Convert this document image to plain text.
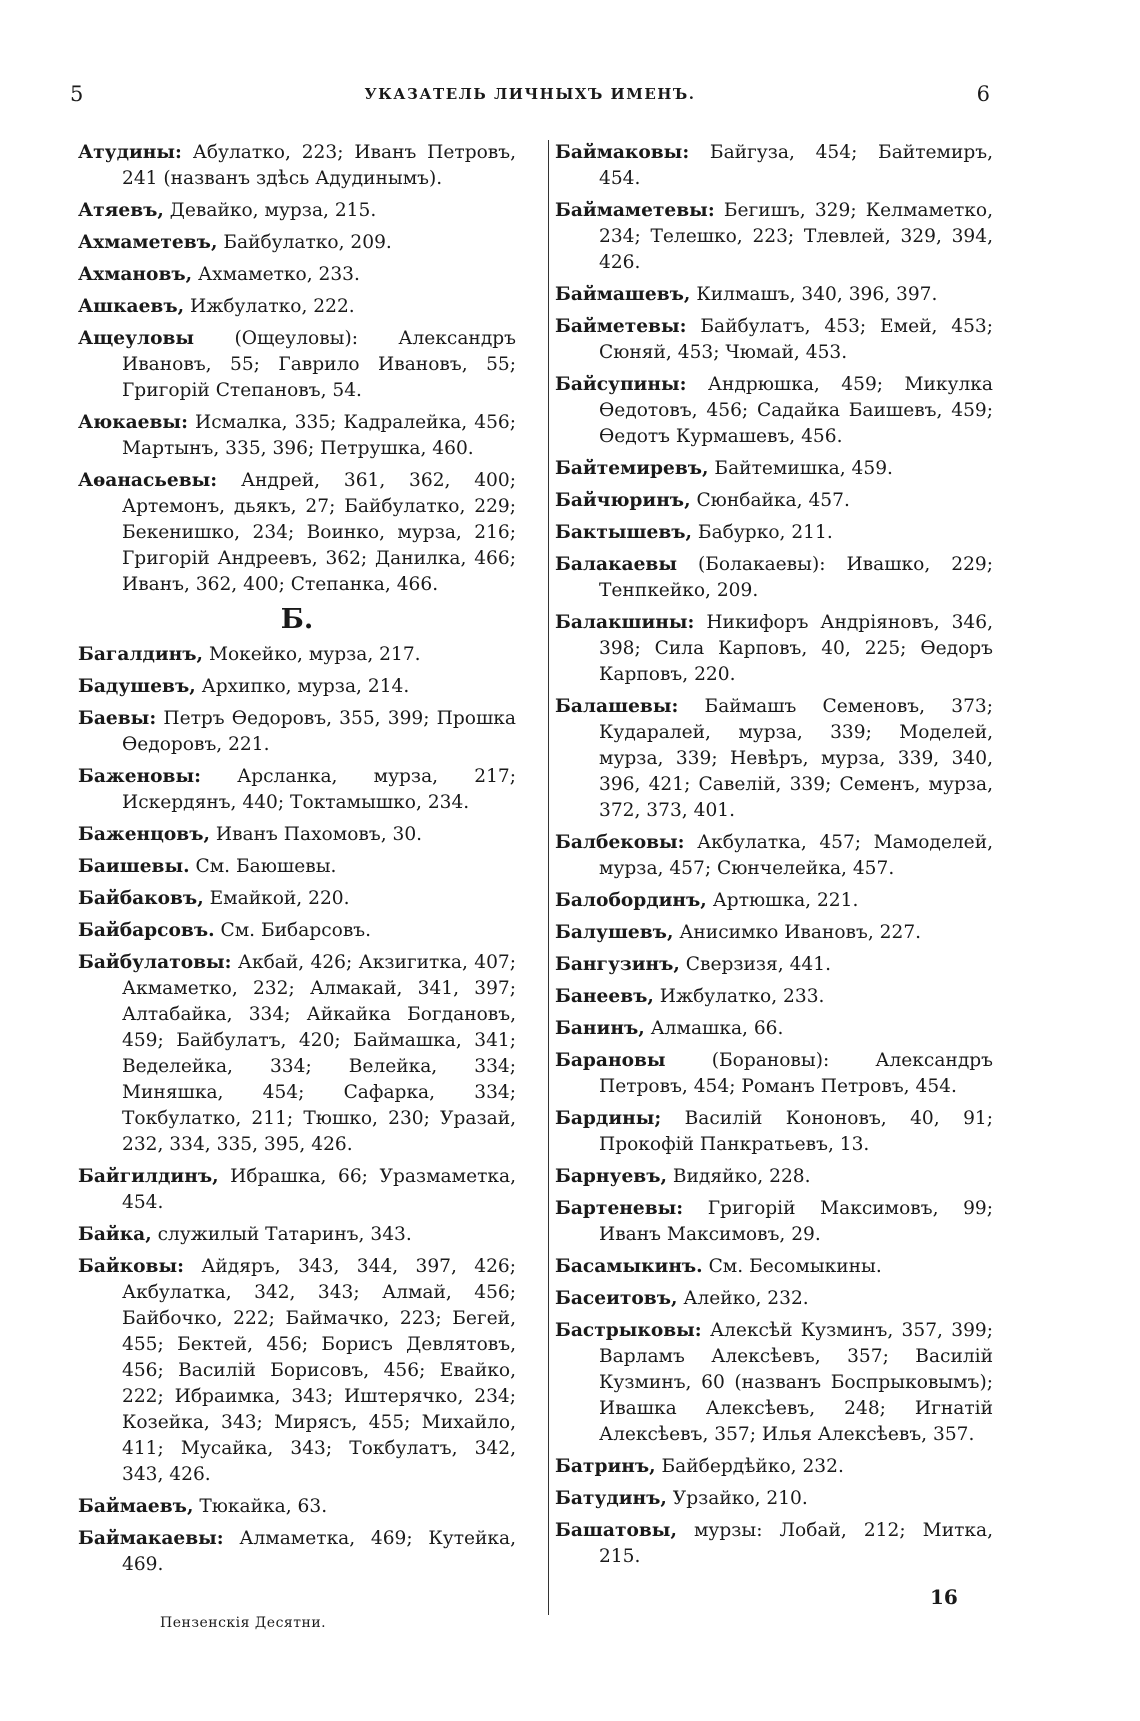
5	УКАЗАТЕЛЬ ЛИЧНЫХЪ ИМЕНЪ.	6
Атудины: Абулатко, 223; Иванъ Петровъ, 241 (названъ здѣсь Адудинымъ).
Атяевъ, Девайко, мурза, 215.
Ахмаметевъ, Байбулатко, 209.
Ахмановъ, Ахмаметко, 233.
Ашкаевъ, Ижбулатко, 222.
Ащеуловы (Ощеуловы): Александръ Ивановъ, 55; Гаврило Ивановъ, 55; Григорій Степановъ, 54.
Аюкаевы: Исмалка, 335; Кадралейка, 456; Мартынъ, 335, 396; Петрушка, 460.
Аѳанасьевы: Андрей, 361, 362, 400; Артемонъ, дьякъ, 27; Байбулатко, 229; Бекенишко, 234; Воинко, мурза, 216; Григорій Андреевъ, 362; Данилка, 466; Иванъ, 362, 400; Степанка, 466.
Б.
Багалдинъ, Мокейко, мурза, 217.
Бадушевъ, Архипко, мурза, 214.
Баевы: Петръ Ѳедоровъ, 355, 399; Прошка Ѳедоровъ, 221.
Баженовы: Арсланка, мурза, 217; Искердянъ, 440; Токтамышко, 234.
Баженцовъ, Иванъ Пахомовъ, 30.
Баишевы. См. Баюшевы.
Байбаковъ, Емайкой, 220.
Байбарсовъ. См. Бибарсовъ.
Байбулатовы: Акбай, 426; Акзигитка, 407; Акмаметко, 232; Алмакай, 341, 397; Алтабайка, 334; Айкайка Богдановъ, 459; Байбулатъ, 420; Баймашка, 341; Веделейка, 334; Велейка, 334; Миняшка, 454; Сафарка, 334; Токбулатко, 211; Тюшко, 230; Уразай, 232, 334, 335, 395, 426.
Байгилдинъ, Ибрашка, 66; Уразмаметка, 454.
Байка, служилый Татаринъ, 343.
Байковы: Айдяръ, 343, 344, 397, 426; Акбулатка, 342, 343; Алмай, 456; Байбочко, 222; Баймачко, 223; Бегей, 455; Бектей, 456; Борисъ Девлятовъ, 456; Василій Борисовъ, 456; Евайко, 222; Ибраимка, 343; Иштерячко, 234; Козейка, 343; Мирясъ, 455; Михайло, 411; Мусайка, 343; Токбулатъ, 342, 343, 426.
Баймаевъ, Тюкайка, 63.
Баймакаевы: Алмаметка, 469; Кутейка, 469.
Баймаковы: Байгуза, 454; Байтемиръ, 454.
Баймаметевы: Бегишъ, 329; Келмаметко, 234; Телешко, 223; Тлевлей, 329, 394, 426.
Баймашевъ, Килмашъ, 340, 396, 397.
Байметевы: Байбулатъ, 453; Емей, 453; Сюняй, 453; Чюмай, 453.
Байсупины: Андрюшка, 459; Микулка Ѳедотовъ, 456; Садайка Баишевъ, 459; Ѳедотъ Курмашевъ, 456.
Байтемиревъ, Байтемишка, 459.
Байчюринъ, Сюнбайка, 457.
Бактышевъ, Бабурко, 211.
Балакаевы (Болакаевы): Ивашко, 229; Тенпкейко, 209.
Балакшины: Никифоръ Андріяновъ, 346, 398; Сила Карповъ, 40, 225; Ѳедоръ Карповъ, 220.
Балашевы: Баймашъ Семеновъ, 373; Кударалей, мурза, 339; Моделей, мурза, 339; Невѣръ, мурза, 339, 340, 396, 421; Савелій, 339; Семенъ, мурза, 372, 373, 401.
Балбековы: Акбулатка, 457; Мамоделей, мурза, 457; Сюнчелейка, 457.
Балобординъ, Артюшка, 221.
Балушевъ, Анисимко Ивановъ, 227.
Бангузинъ, Сверзизя, 441.
Банеевъ, Ижбулатко, 233.
Банинъ, Алмашка, 66.
Барановы (Борановы): Александръ Петровъ, 454; Романъ Петровъ, 454.
Бардины; Василій Кононовъ, 40, 91; Прокофій Панкратьевъ, 13.
Барнуевъ, Видяйко, 228.
Бартеневы: Григорій Максимовъ, 99; Иванъ Максимовъ, 29.
Басамыкинъ. См. Бесомыкины.
Басеитовъ, Алейко, 232.
Бастрыковы: Алексѣй Кузминъ, 357, 399; Варламъ Алексѣевъ, 357; Василій Кузминъ, 60 (названъ Боспрыковымъ); Ивашка Алексѣевъ, 248; Игнатій Алексѣевъ, 357; Илья Алексѣевъ, 357.
Батринъ, Байбердѣйко, 232.
Батудинъ, Урзайко, 210.
Башатовы, мурзы: Лобай, 212; Митка, 215.
Пензенскія Десятни.
16
